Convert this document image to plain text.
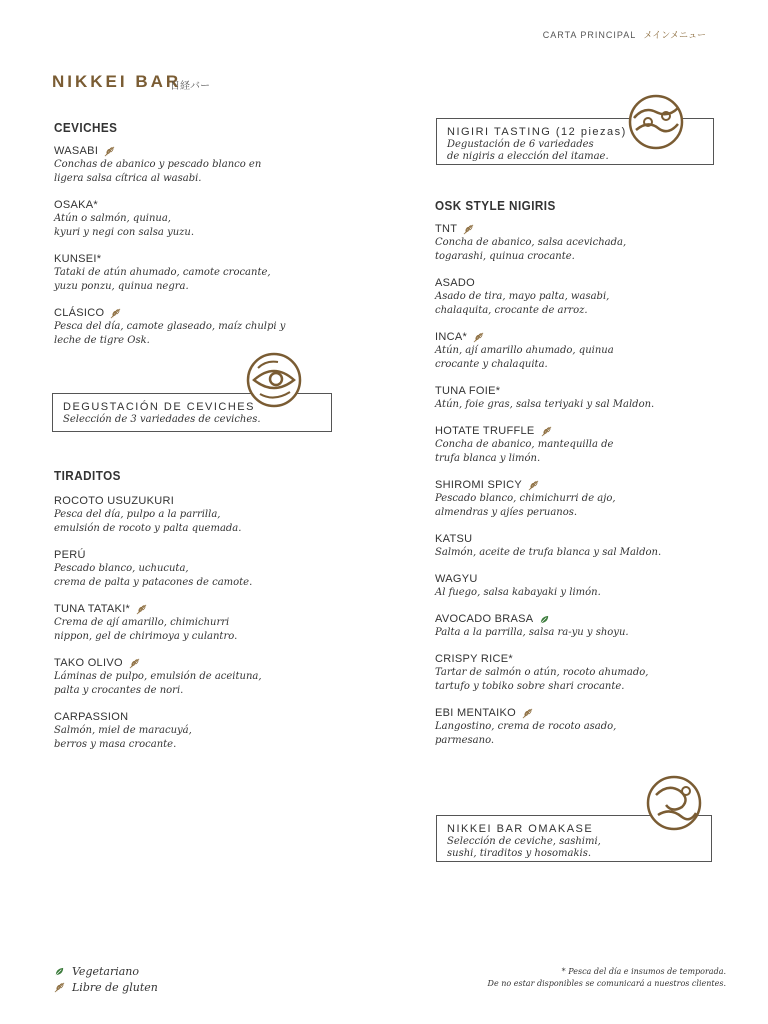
CARTA PRINCIPAL メインメニュー
NIKKEI BAR
日経バー
CEVICHES
WASABI
Conchas de abanico y pescado blanco en
ligera salsa cítrica al wasabi.
OSAKA*
Atún o salmón, quinua,
kyuri y negi con salsa yuzu.
KUNSEI*
Tataki de atún ahumado, camote crocante,
yuzu ponzu, quinua negra.
CLÁSICO
Pesca del día, camote glaseado, maíz chulpi y
leche de tigre Osk.
DEGUSTACIÓN DE CEVICHES
Selección de 3 variedades de ceviches.
TIRADITOS
ROCOTO USUZUKURI
Pesca del día, pulpo a la parrilla,
emulsión de rocoto y palta quemada.
PERÚ
Pescado blanco, uchucuta,
crema de palta y patacones de camote.
TUNA TATAKI*
Crema de ají amarillo, chimichurri
nippon, gel de chirimoya y culantro.
TAKO OLIVO
Láminas de pulpo, emulsión de aceituna,
palta y crocantes de nori.
CARPASSION
Salmón, miel de maracuyá,
berros y masa crocante.
NIGIRI TASTING (12 piezas)
Degustación de 6 variedades
de nigiris a elección del itamae.
OSK STYLE NIGIRIS
TNT
Concha de abanico, salsa acevichada,
togarashi, quinua crocante.
ASADO
Asado de tira, mayo palta, wasabi,
chalaquita, crocante de arroz.
INCA*
Atún, ají amarillo ahumado, quinua
crocante y chalaquita.
TUNA FOIE*
Atún, foie gras, salsa teriyaki y sal Maldon.
HOTATE TRUFFLE
Concha de abanico, mantequilla de
trufa blanca y limón.
SHIROMI SPICY
Pescado blanco, chimichurri de ajo,
almendras y ajíes peruanos.
KATSU
Salmón, aceite de trufa blanca y sal Maldon.
WAGYU
Al fuego, salsa kabayaki y limón.
AVOCADO BRASA
Palta a la parrilla, salsa ra-yu y shoyu.
CRISPY RICE*
Tartar de salmón o atún, rocoto ahumado,
tartufo y tobiko sobre shari crocante.
EBI MENTAIKO
Langostino, crema de rocoto asado,
parmesano.
NIKKEI BAR OMAKASE
Selección de ceviche, sashimi,
sushi, tiraditos y hosomakis.
Vegetariano
Libre de gluten
* Pesca del día e insumos de temporada.
De no estar disponibles se comunicará a nuestros clientes.
